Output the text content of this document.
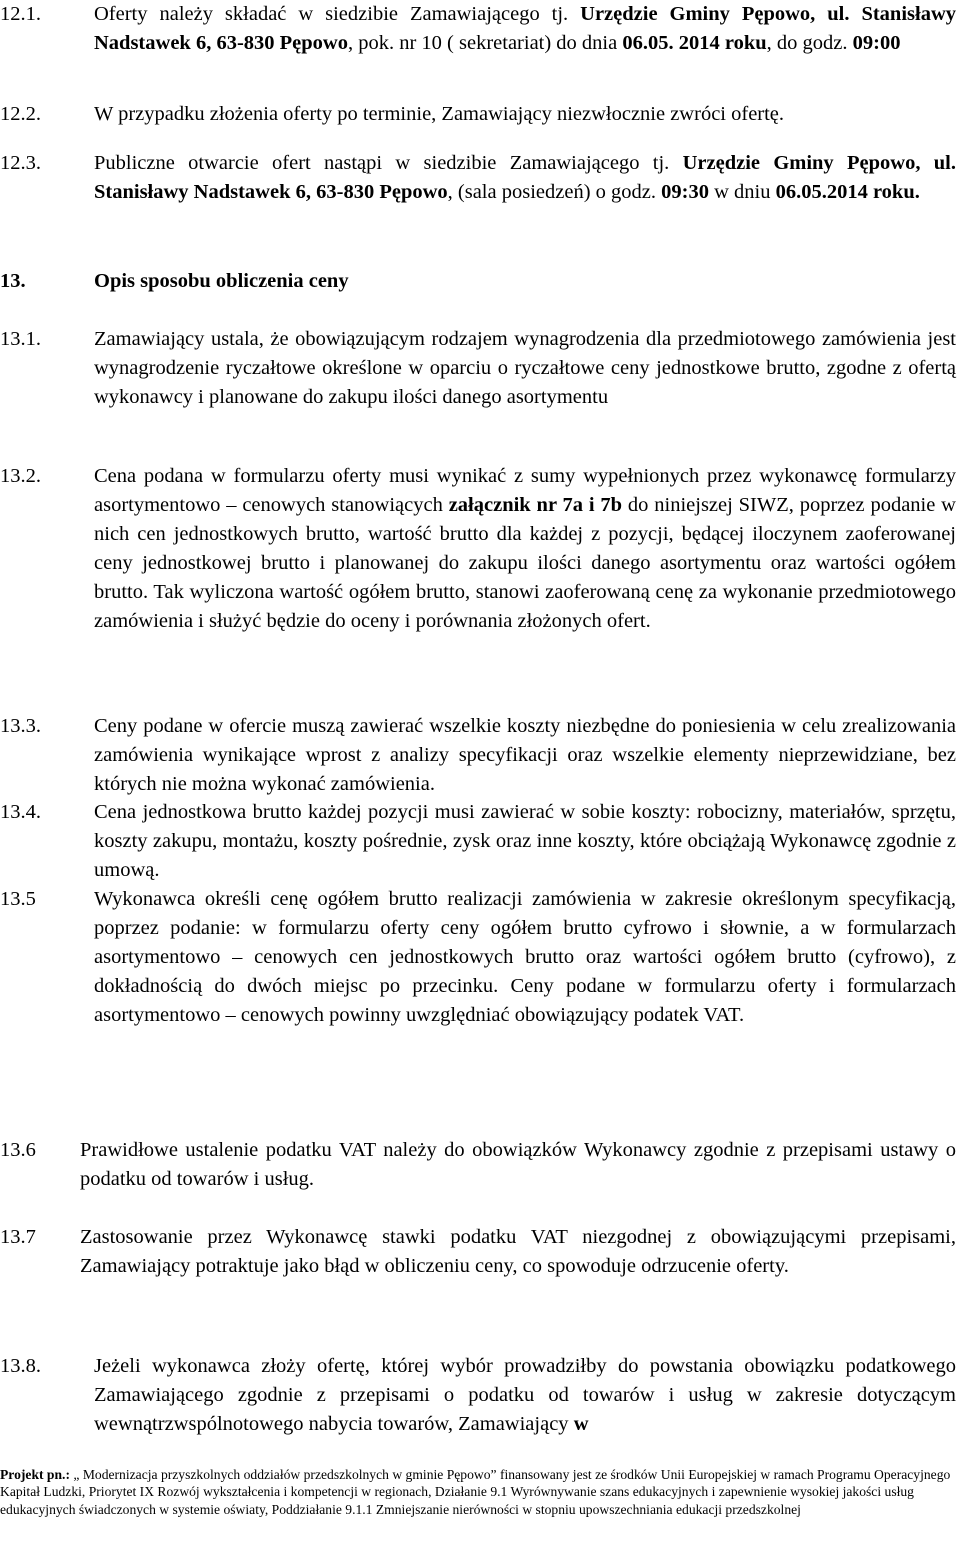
12.1.	Oferty należy składać w siedzibie Zamawiającego tj. Urzędzie Gminy Pępowo, ul. Stanisławy Nadstawek 6, 63-830 Pępowo, pok. nr 10 ( sekretariat) do dnia 06.05. 2014 roku, do godz. 09:00
12.2.	W przypadku złożenia oferty po terminie, Zamawiający niezwłocznie zwróci ofertę.
12.3.	Publiczne otwarcie ofert nastąpi w siedzibie Zamawiającego tj. Urzędzie Gminy Pępowo, ul. Stanisławy Nadstawek 6, 63-830 Pępowo, (sala posiedzeń) o godz. 09:30 w dniu 06.05.2014 roku.
13.	Opis sposobu obliczenia ceny
13.1.	Zamawiający ustala, że obowiązującym rodzajem wynagrodzenia dla przedmiotowego zamówienia jest wynagrodzenie ryczałtowe określone w oparciu o ryczałtowe ceny jednostkowe brutto, zgodne z ofertą wykonawcy i planowane do zakupu ilości danego asortymentu
13.2.	Cena podana w formularzu oferty musi wynikać z sumy wypełnionych przez wykonawcę formularzy asortymentowo – cenowych stanowiących załącznik nr 7a i 7b do niniejszej SIWZ, poprzez podanie w nich cen jednostkowych brutto, wartość brutto dla każdej z pozycji, będącej iloczynem zaoferowanej ceny jednostkowej brutto i planowanej do zakupu ilości danego asortymentu oraz wartości ogółem brutto. Tak wyliczona wartość ogółem brutto, stanowi zaoferowaną cenę za wykonanie przedmiotowego zamówienia i służyć będzie do oceny i porównania złożonych ofert.
13.3.	Ceny podane w ofercie muszą zawierać wszelkie koszty niezbędne do poniesienia w celu zrealizowania zamówienia wynikające wprost z analizy specyfikacji oraz wszelkie elementy nieprzewidziane, bez których nie można wykonać zamówienia.
13.4.	Cena jednostkowa brutto każdej pozycji musi zawierać w sobie koszty: robocizny, materiałów, sprzętu, koszty zakupu, montażu, koszty pośrednie, zysk oraz inne koszty, które obciążają Wykonawcę zgodnie z umową.
13.5	Wykonawca określi cenę ogółem brutto realizacji zamówienia w zakresie określonym specyfikacją, poprzez podanie: w formularzu oferty ceny ogółem brutto cyfrowo i słownie, a w formularzach asortymentowo – cenowych cen jednostkowych brutto oraz wartości ogółem brutto (cyfrowo), z dokładnością do dwóch miejsc po przecinku. Ceny podane w formularzu oferty i formularzach asortymentowo – cenowych powinny uwzględniać obowiązujący podatek VAT.
13.6 Prawidłowe ustalenie podatku VAT należy do obowiązków Wykonawcy zgodnie z przepisami ustawy o podatku od towarów i usług.
13.7 Zastosowanie przez Wykonawcę stawki podatku VAT niezgodnej z obowiązującymi przepisami, Zamawiający potraktuje jako błąd w obliczeniu ceny, co spowoduje odrzucenie oferty.
13.8.	Jeżeli wykonawca złoży ofertę, której wybór prowadziłby do powstania obowiązku podatkowego Zamawiającego zgodnie z przepisami o podatku od towarów i usług w zakresie dotyczącym wewnątrzwspólnotowego nabycia towarów, Zamawiający w
Projekt pn.: „ Modernizacja przyszkolnych oddziałów przedszkolnych w gminie Pępowo” finansowany jest ze środków Unii Europejskiej w ramach Programu Operacyjnego Kapitał Ludzki, Priorytet IX Rozwój wykształcenia i kompetencji w regionach, Działanie 9.1 Wyrównywanie szans edukacyjnych i zapewnienie wysokiej jakości usług edukacyjnych świadczonych w systemie oświaty, Poddziałanie 9.1.1 Zmniejszanie nierówności w stopniu upowszechniania edukacji przedszkolnej
